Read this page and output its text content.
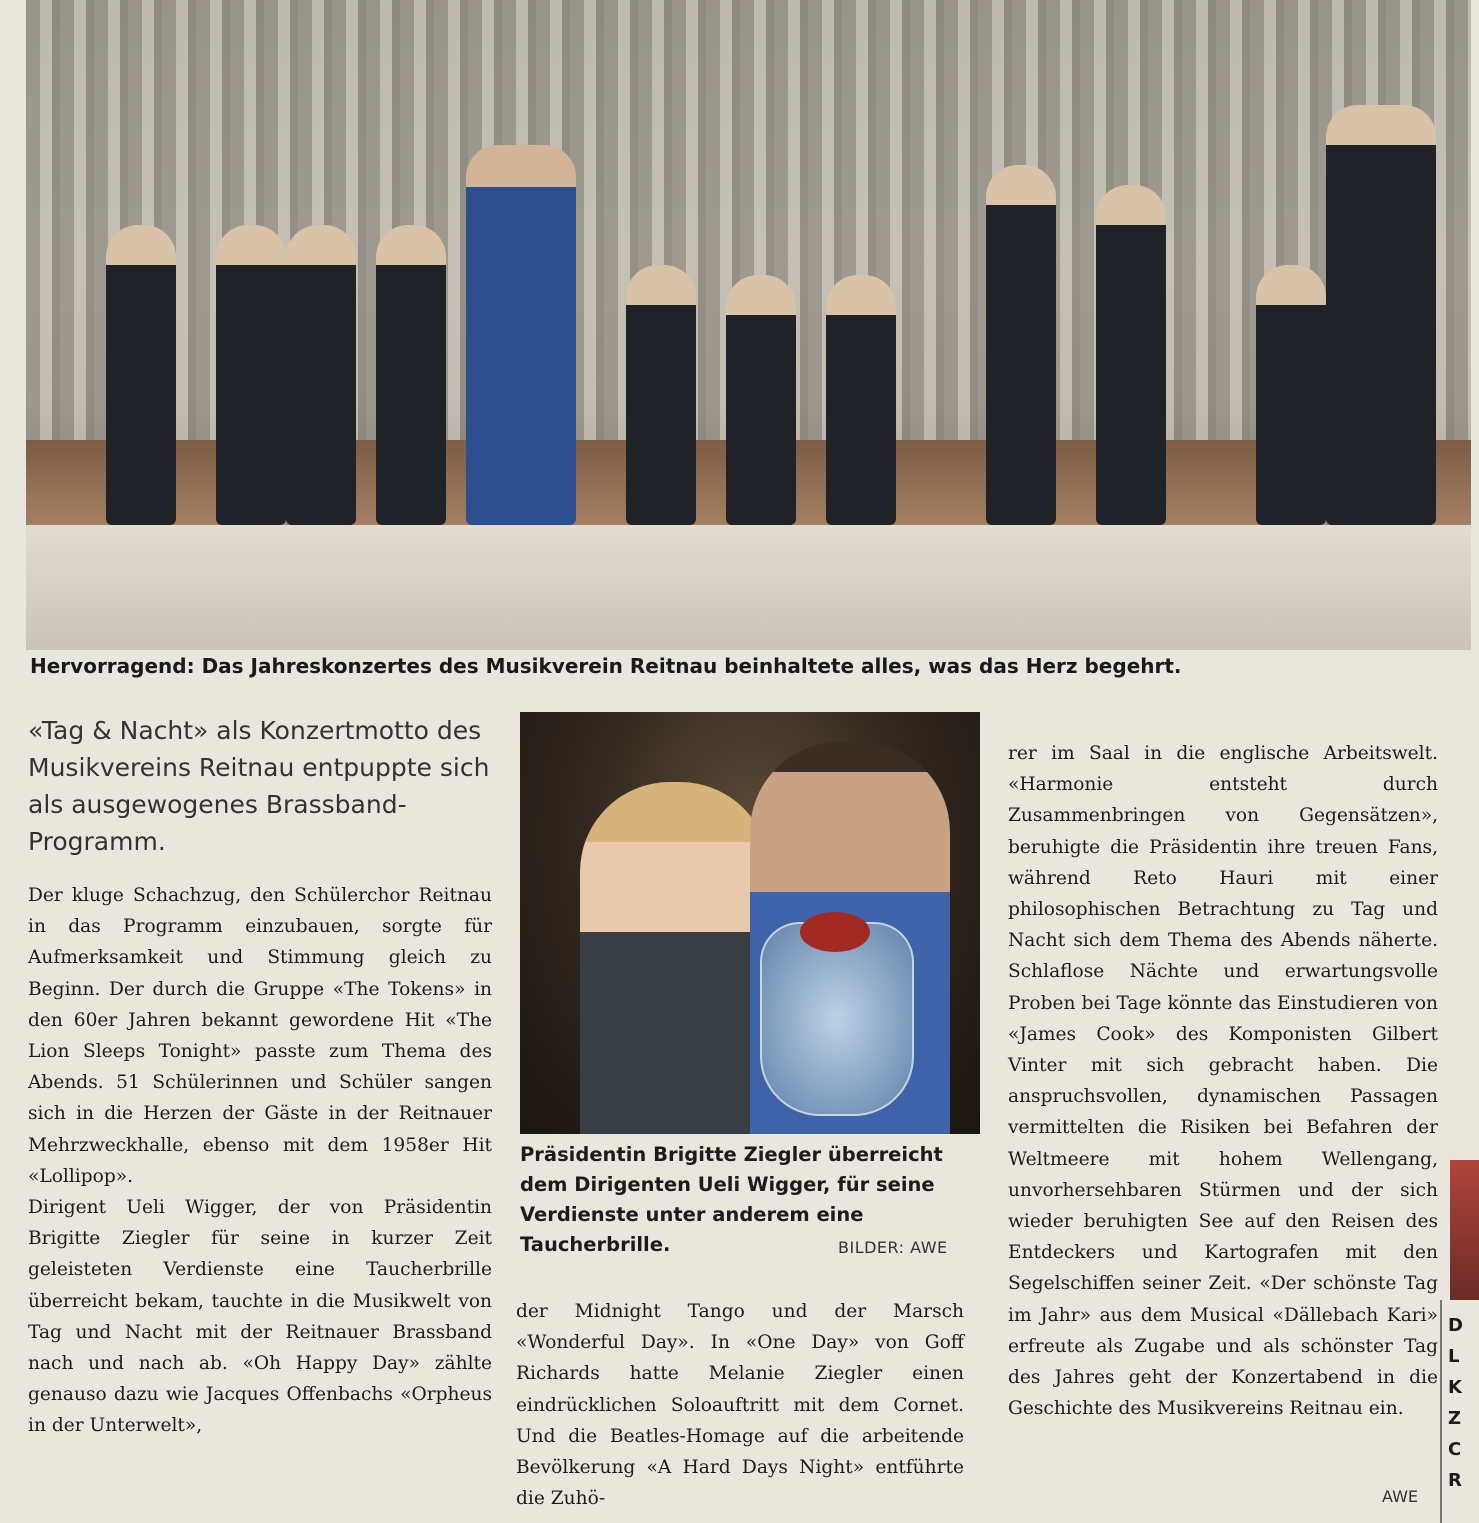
Hervorragend: Das Jahreskonzertes des Musikverein Reitnau beinhaltete alles, was das Herz begehrt.
«Tag & Nacht» als Konzertmotto des Musikvereins Reitnau entpuppte sich als ausgewogenes Brassband-Programm.

Der kluge Schachzug, den Schülerchor Reitnau in das Programm einzubauen, sorgte für Aufmerksamkeit und Stimmung gleich zu Beginn. Der durch die Gruppe «The Tokens» in den 60er Jahren bekannt gewordene Hit «The Lion Sleeps Tonight» passte zum Thema des Abends. 51 Schülerinnen und Schüler sangen sich in die Herzen der Gäste in der Reitnauer Mehrzweckhalle, ebenso mit dem 1958er Hit «Lollipop».

Dirigent Ueli Wigger, der von Präsidentin Brigitte Ziegler für seine in kurzer Zeit geleisteten Verdienste eine Taucherbrille überreicht bekam, tauchte in die Musikwelt von Tag und Nacht mit der Reitnauer Brassband nach und nach ab. «Oh Happy Day» zählte genauso dazu wie Jacques Offenbachs «Orpheus in der Unterwelt»,

Präsidentin Brigitte Ziegler überreicht dem Dirigenten Ueli Wigger, für seine Verdienste unter anderem eine Taucherbrille.	BILDER: AWE

der Midnight Tango und der Marsch «Wonderful Day». In «One Day» von Goff Richards hatte Melanie Ziegler einen eindrücklichen Soloauftritt mit dem Cornet. Und die Beatles-Homage auf die arbeitende Bevölkerung «A Hard Days Night» entführte die Zuhö-

rer im Saal in die englische Arbeitswelt. «Harmonie entsteht durch Zusammenbringen von Gegensätzen», beruhigte die Präsidentin ihre treuen Fans, während Reto Hauri mit einer philosophischen Betrachtung zu Tag und Nacht sich dem Thema des Abends näherte. Schlaflose Nächte und erwartungsvolle Proben bei Tage könnte das Einstudieren von «James Cook» des Komponisten Gilbert Vinter mit sich gebracht haben. Die anspruchsvollen, dynamischen Passagen vermittelten die Risiken bei Befahren der Weltmeere mit hohem Wellengang, unvorhersehbaren Stürmen und der sich wieder beruhigten See auf den Reisen des Entdeckers und Kartografen mit den Segelschiffen seiner Zeit. «Der schönste Tag im Jahr» aus dem Musical «Dällebach Kari» erfreute als Zugabe und als schönster Tag des Jahres geht der Konzertabend in die Geschichte des Musikvereins Reitnau ein.

AWE
D
L
K
Z
C
R
